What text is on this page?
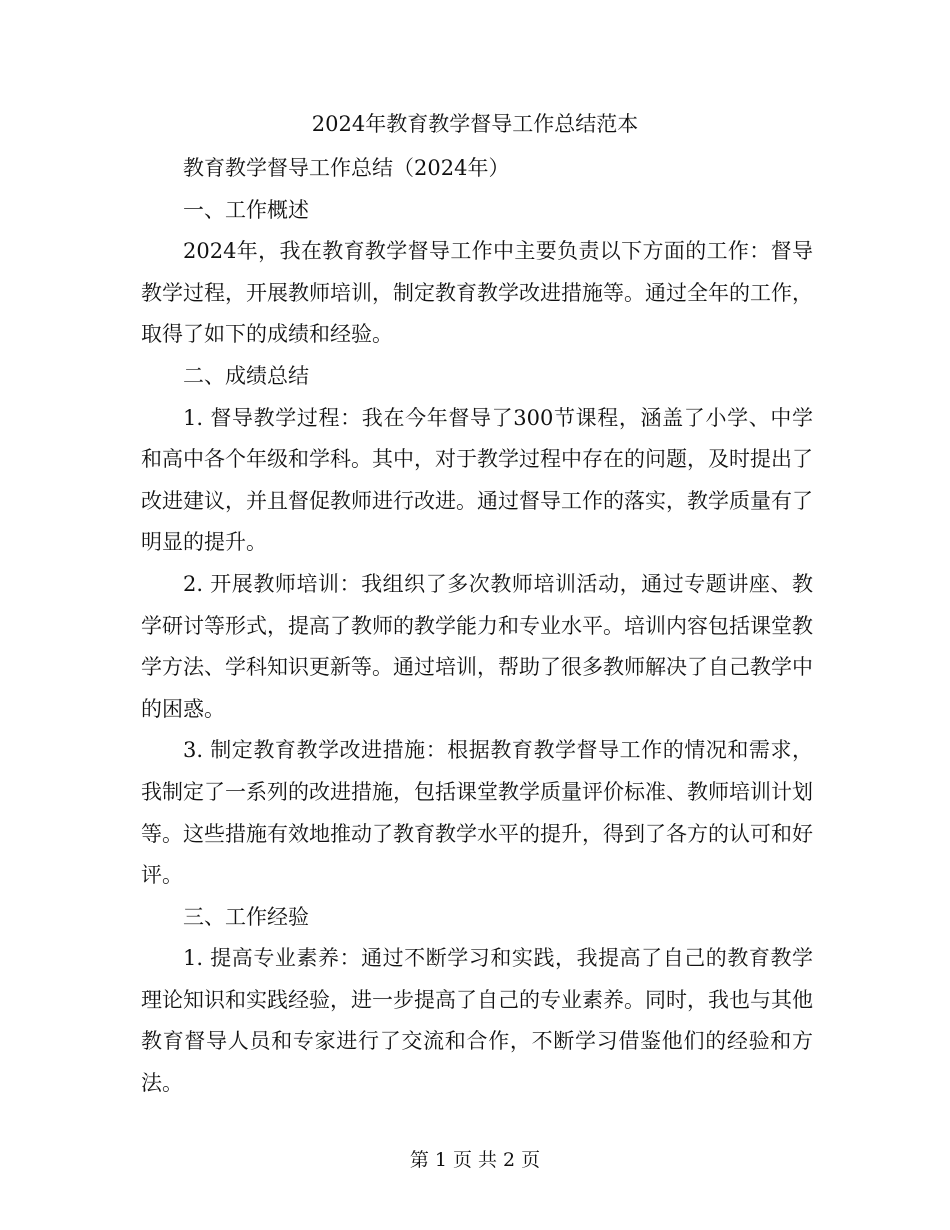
2024年教育教学督导工作总结范本

教育教学督导工作总结（2024年）

一、工作概述

2024年，我在教育教学督导工作中主要负责以下方面的工作：督导教学过程，开展教师培训，制定教育教学改进措施等。通过全年的工作，取得了如下的成绩和经验。

二、成绩总结

1. 督导教学过程：我在今年督导了300节课程，涵盖了小学、中学和高中各个年级和学科。其中，对于教学过程中存在的问题，及时提出了改进建议，并且督促教师进行改进。通过督导工作的落实，教学质量有了明显的提升。

2. 开展教师培训：我组织了多次教师培训活动，通过专题讲座、教学研讨等形式，提高了教师的教学能力和专业水平。培训内容包括课堂教学方法、学科知识更新等。通过培训，帮助了很多教师解决了自己教学中的困惑。

3. 制定教育教学改进措施：根据教育教学督导工作的情况和需求，我制定了一系列的改进措施，包括课堂教学质量评价标准、教师培训计划等。这些措施有效地推动了教育教学水平的提升，得到了各方的认可和好评。

三、工作经验

1. 提高专业素养：通过不断学习和实践，我提高了自己的教育教学理论知识和实践经验，进一步提高了自己的专业素养。同时，我也与其他教育督导人员和专家进行了交流和合作，不断学习借鉴他们的经验和方法。

第 1 页 共 2 页
